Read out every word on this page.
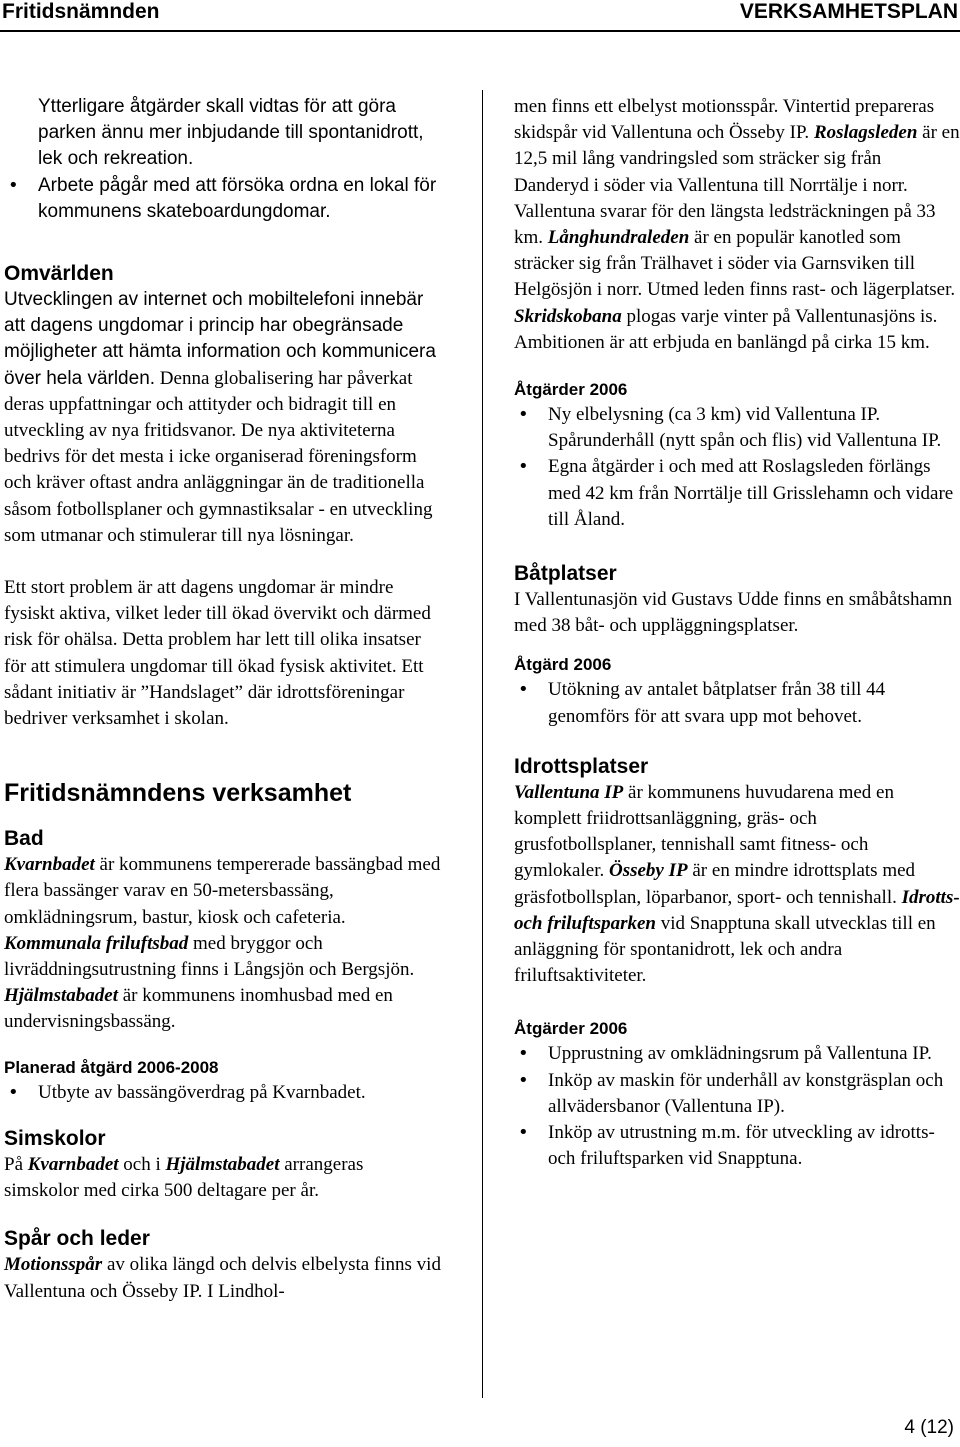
Fritidsnämnden	VERKSAMHETSPLAN

Ytterligare åtgärder skall vidtas för att göra parken ännu mer inbjudande till spontanidrott, lek och rekreation.

• Arbete pågår med att försöka ordna en lokal för kommunens skateboardungdomar.
Omvärlden

Utvecklingen av internet och mobiltelefoni innebär att dagens ungdomar i princip har obegränsade möjligheter att hämta information och kommunicera över hela världen. Denna globalisering har påverkat deras uppfattningar och attityder och bidragit till en utveckling av nya fritidsvanor. De nya aktiviteterna bedrivs för det mesta i icke organiserad föreningsform och kräver oftast andra anläggningar än de traditionella såsom fotbollsplaner och gymnastiksalar - en utveckling som utmanar och stimulerar till nya lösningar.

Ett stort problem är att dagens ungdomar är mindre fysiskt aktiva, vilket leder till ökad övervikt och därmed risk för ohälsa. Detta problem har lett till olika insatser för att stimulera ungdomar till ökad fysisk aktivitet. Ett sådant initiativ är ”Handslaget” där idrottsföreningar bedriver verksamhet i skolan.

Fritidsnämndens verksamhet
Bad

Kvarnbadet är kommunens tempererade bassängbad med flera bassänger varav en 50-metersbassäng, omklädningsrum, bastur, kiosk och cafeteria. Kommunala friluftsbad med bryggor och livräddningsutrustning finns i Långsjön och Bergsjön. Hjälmstabadet är kommunens inomhusbad med en undervisningsbassäng.

Planerad åtgärd 2006-2008
• Utbyte av bassängöverdrag på Kvarnbadet.
Simskolor

På Kvarnbadet och i Hjälmstabadet arrangeras simskolor med cirka 500 deltagare per år.

Spår och leder

Motionsspår av olika längd och delvis elbelysta finns vid Vallentuna och Össeby IP. I Lindhol-

men finns ett elbelyst motionsspår. Vintertid prepareras skidspår vid Vallentuna och Össeby IP. Roslagsleden är en 12,5 mil lång vandringsled som sträcker sig från Danderyd i söder via Vallentuna till Norrtälje i norr. Vallentuna svarar för den längsta ledsträckningen på 33 km. Långhundraleden är en populär kanotled som sträcker sig från Trälhavet i söder via Garnsviken till Helgösjön i norr. Utmed leden finns rast- och lägerplatser. Skridskobana plogas varje vinter på Vallentunasjöns is. Ambitionen är att erbjuda en banlängd på cirka 15 km.

Åtgärder 2006
• Ny elbelysning (ca 3 km) vid Vallentuna IP. Spårunderhåll (nytt spån och flis) vid Vallentuna IP.
• Egna åtgärder i och med att Roslagsleden förlängs med 42 km från Norrtälje till Grisslehamn och vidare till Åland.
Båtplatser

I Vallentunasjön vid Gustavs Udde finns en småbåtshamn med 38 båt- och uppläggningsplatser.

Åtgärd 2006
• Utökning av antalet båtplatser från 38 till 44 genomförs för att svara upp mot behovet.
Idrottsplatser

Vallentuna IP är kommunens huvudarena med en komplett friidrottsanläggning, gräs- och grusfotbollsplaner, tennishall samt fitness- och gymlokaler. Össeby IP är en mindre idrottsplats med gräsfotbollsplan, löparbanor, sport- och tennishall. Idrotts- och friluftsparken vid Snapptuna skall utvecklas till en anläggning för spontanidrott, lek och andra friluftsaktiviteter.

Åtgärder 2006
• Upprustning av omklädningsrum på Vallentuna IP.
• Inköp av maskin för underhåll av konstgräsplan och allvädersbanor (Vallentuna IP).
• Inköp av utrustning m.m. för utveckling av idrotts- och friluftsparken vid Snapptuna.
4 (12)
